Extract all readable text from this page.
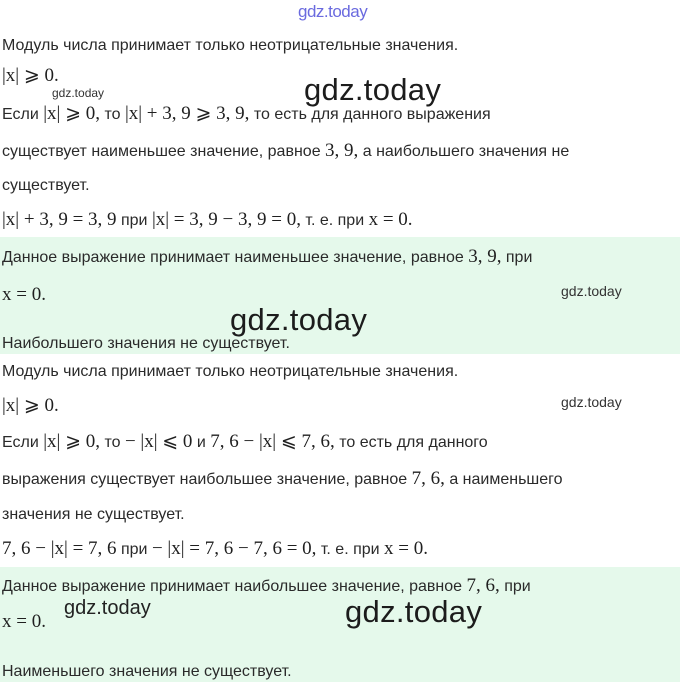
gdz.today
Модуль числа принимает только неотрицательные значения.
|x| ⩾ 0.
gdz.today	gdz.today
Если |x| ⩾ 0, то |x| + 3, 9 ⩾ 3, 9, то есть для данного выражения
существует наименьшее значение, равное 3, 9, а наибольшего значения не
существует.
|x| + 3, 9 = 3, 9 при |x| = 3, 9 − 3, 9 = 0, т. е. при x = 0.
Данное выражение принимает наименьшее значение, равное 3, 9, при
x = 0.	gdz.today
gdz.today
Наибольшего значения не существует.
Модуль числа принимает только неотрицательные значения.
|x| ⩾ 0.	gdz.today
Если |x| ⩾ 0, то − |x| ⩽ 0 и 7, 6 − |x| ⩽ 7, 6, то есть для данного
выражения существует наибольшее значение, равное 7, 6, а наименьшего
значения не существует.
7, 6 − |x| = 7, 6 при − |x| = 7, 6 − 7, 6 = 0, т. е. при x = 0.
Данное выражение принимает наибольшее значение, равное 7, 6, при
x = 0.
gdz.today	gdz.today
Наименьшего значения не существует.
